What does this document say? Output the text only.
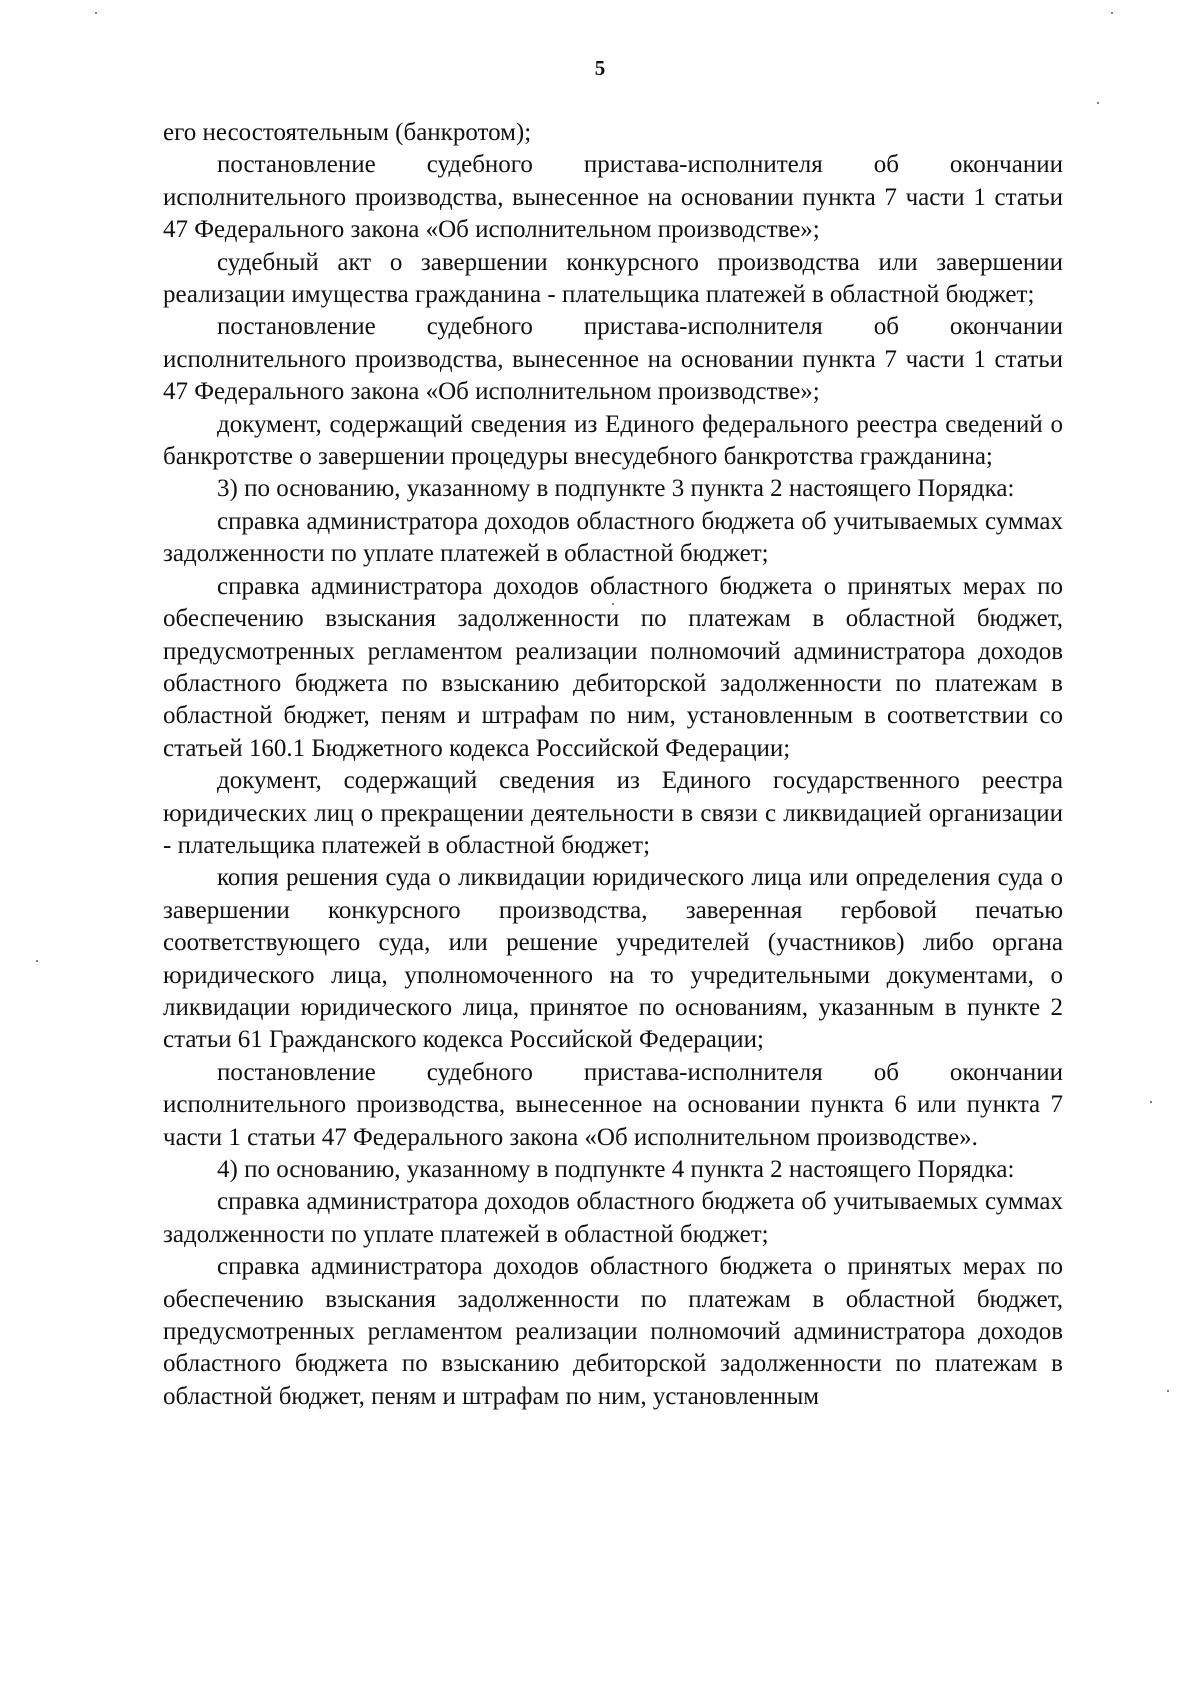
5

его несостоятельным (банкротом);

постановление судебного пристава-исполнителя об окончании исполнительного производства, вынесенное на основании пункта 7 части 1 статьи 47 Федерального закона «Об исполнительном производстве»;

судебный акт о завершении конкурсного производства или завершении реализации имущества гражданина - плательщика платежей в областной бюджет;

постановление судебного пристава-исполнителя об окончании исполнительного производства, вынесенное на основании пункта 7 части 1 статьи 47 Федерального закона «Об исполнительном производстве»;

документ, содержащий сведения из Единого федерального реестра сведений о банкротстве о завершении процедуры внесудебного банкротства гражданина;

3) по основанию, указанному в подпункте 3 пункта 2 настоящего Порядка:

справка администратора доходов областного бюджета об учитываемых суммах задолженности по уплате платежей в областной бюджет;

справка администратора доходов областного бюджета о принятых мерах по обеспечению взыскания задолженности по платежам в областной бюджет, предусмотренных регламентом реализации полномочий администратора доходов областного бюджета по взысканию дебиторской задолженности по платежам в областной бюджет, пеням и штрафам по ним, установленным в соответствии со статьей 160.1 Бюджетного кодекса Российской Федерации;

документ, содержащий сведения из Единого государственного реестра юридических лиц о прекращении деятельности в связи с ликвидацией организации - плательщика платежей в областной бюджет;

копия решения суда о ликвидации юридического лица или определения суда о завершении конкурсного производства, заверенная гербовой печатью соответствующего суда, или решение учредителей (участников) либо органа юридического лица, уполномоченного на то учредительными документами, о ликвидации юридического лица, принятое по основаниям, указанным в пункте 2 статьи 61 Гражданского кодекса Российской Федерации;

постановление судебного пристава-исполнителя об окончании исполнительного производства, вынесенное на основании пункта 6 или пункта 7 части 1 статьи 47 Федерального закона «Об исполнительном производстве».

4) по основанию, указанному в подпункте 4 пункта 2 настоящего Порядка:

справка администратора доходов областного бюджета об учитываемых суммах задолженности по уплате платежей в областной бюджет;

справка администратора доходов областного бюджета о принятых мерах по обеспечению взыскания задолженности по платежам в областной бюджет, предусмотренных регламентом реализации полномочий администратора доходов областного бюджета по взысканию дебиторской задолженности по платежам в областной бюджет, пеням и штрафам по ним, установленным
